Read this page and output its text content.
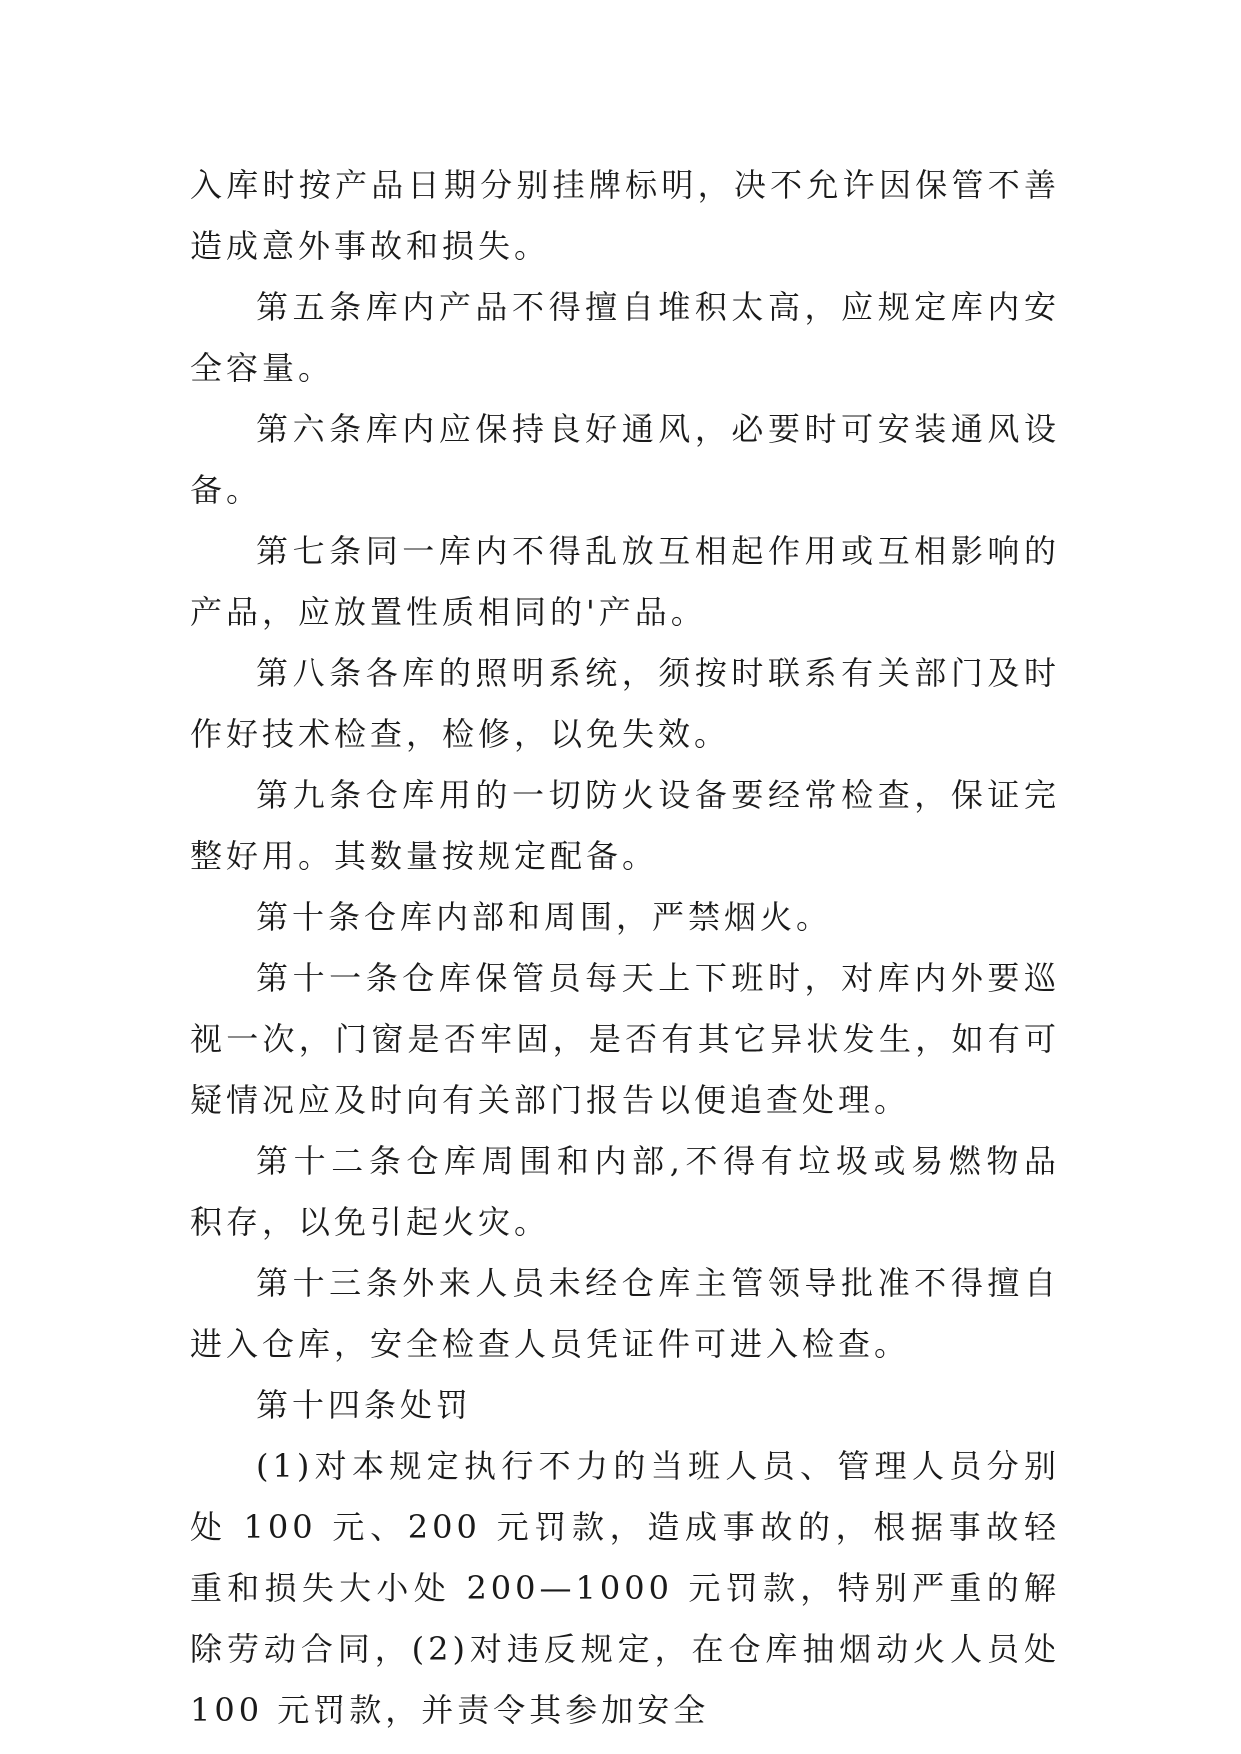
入库时按产品日期分别挂牌标明，决不允许因保管不善造成意外事故和损失。

第五条库内产品不得擅自堆积太高，应规定库内安全容量。

第六条库内应保持良好通风，必要时可安装通风设备。

第七条同一库内不得乱放互相起作用或互相影响的产品，应放置性质相同的'产品。

第八条各库的照明系统，须按时联系有关部门及时作好技术检查，检修，以免失效。

第九条仓库用的一切防火设备要经常检查，保证完整好用。其数量按规定配备。

第十条仓库内部和周围，严禁烟火。

第十一条仓库保管员每天上下班时，对库内外要巡视一次，门窗是否牢固，是否有其它异状发生，如有可疑情况应及时向有关部门报告以便追查处理。

第十二条仓库周围和内部,不得有垃圾或易燃物品积存，以免引起火灾。

第十三条外来人员未经仓库主管领导批准不得擅自进入仓库，安全检查人员凭证件可进入检查。

第十四条处罚

(1)对本规定执行不力的当班人员、管理人员分别处 100 元、200 元罚款，造成事故的，根据事故轻重和损失大小处 200—1000 元罚款，特别严重的解除劳动合同，(2)对违反规定，在仓库抽烟动火人员处 100 元罚款，并责令其参加安全
